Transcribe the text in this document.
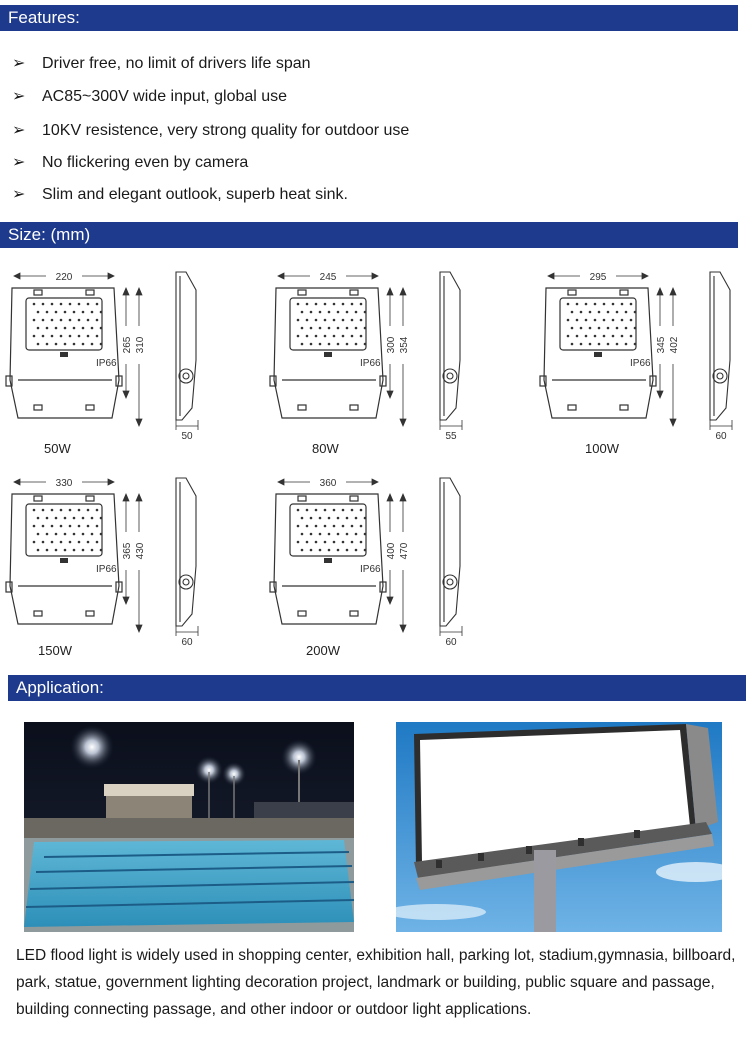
Features:
➢ Driver free, no limit of drivers life span
➢ AC85~300V wide input, global use
➢ 10KV resistence, very strong quality for outdoor use
➢ No flickering even by camera
➢ Slim and elegant outlook, superb heat sink.
Size: (mm)
IP66
220
265 310
50
IP66
245
300 354
55
IP66
295
345 402
60
IP66
330
365 430
60
IP66
360
400 470
60
50W	80W	100W
150W	200W
Application:
LED flood light is widely used in shopping center, exhibition hall, parking lot, stadium,gymnasia, billboard, park, statue, government lighting decoration project, landmark or building, public square and passage, building connecting passage, and other indoor or outdoor light applications.
